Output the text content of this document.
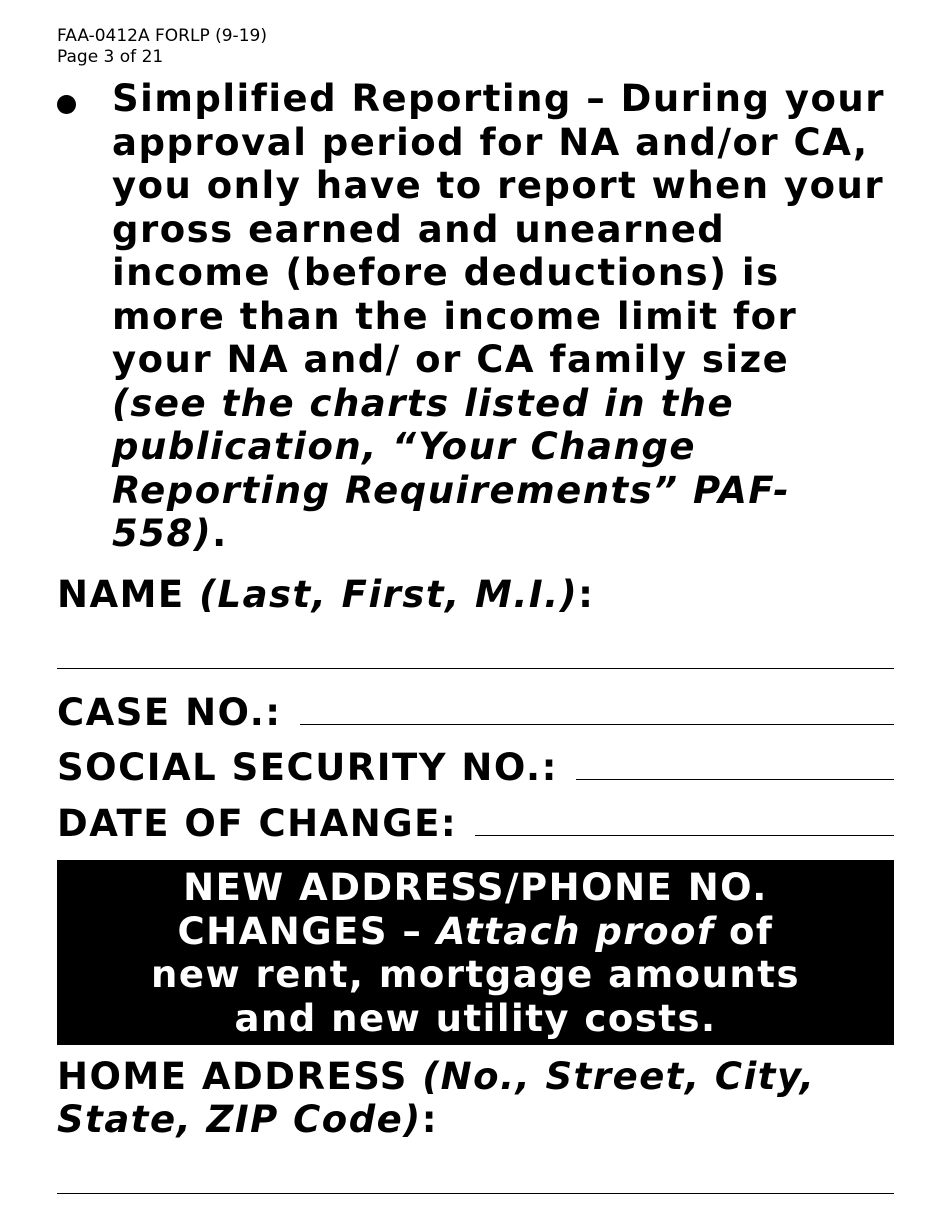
FAA-0412A FORLP (9-19)
Page 3 of 21
Simplified Reporting – During your approval period for NA and/or CA, you only have to report when your gross earned and unearned income (before deductions) is more than the income limit for your NA and/ or CA family size (see the charts listed in the publication, “Your Change Reporting Requirements” PAF-558).
NAME (Last, First, M.I.):
CASE NO.:
SOCIAL SECURITY NO.:
DATE OF CHANGE:
NEW ADDRESS/PHONE NO.
CHANGES – Attach proof of
new rent, mortgage amounts
and new utility costs.
HOME ADDRESS (No., Street, City, State, ZIP Code):
